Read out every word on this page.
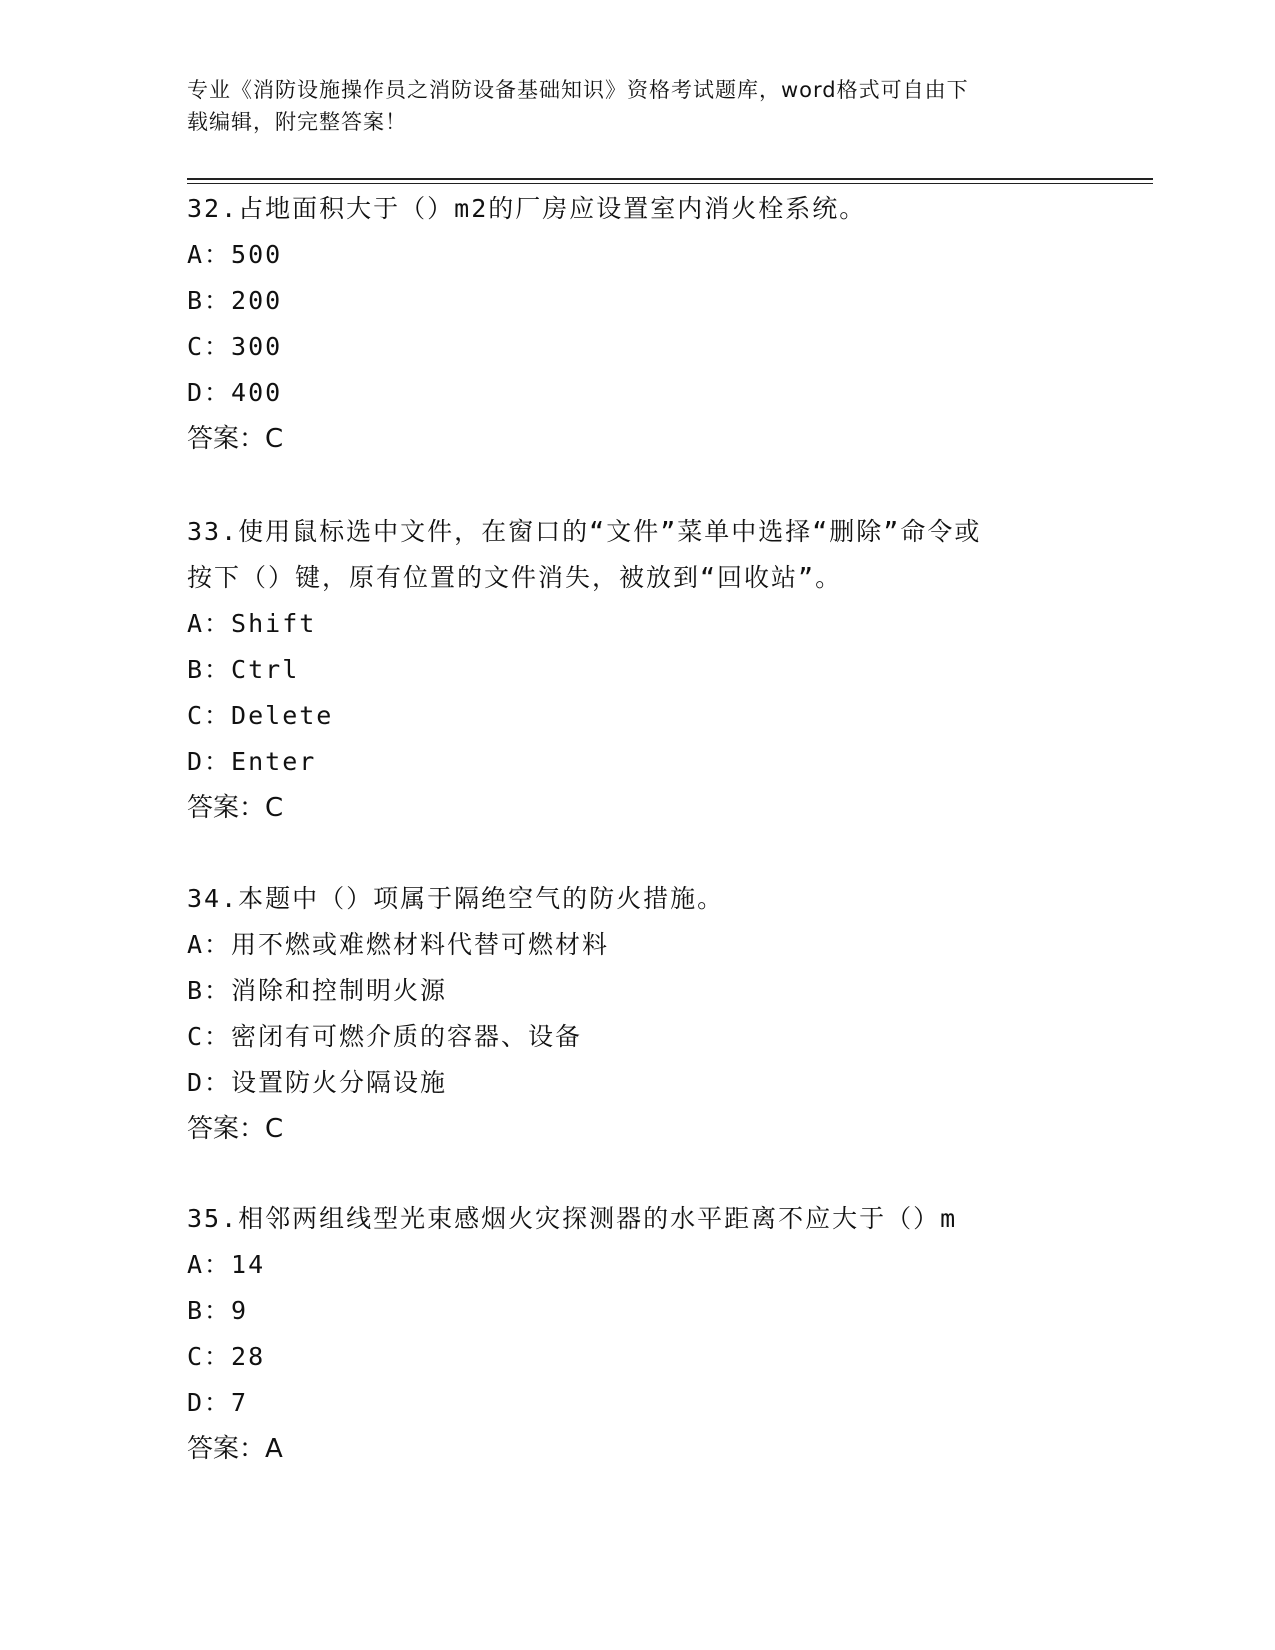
专业《消防设施操作员之消防设备基础知识》资格考试题库，word格式可自由下
载编辑，附完整答案！

32.占地面积大于（）m2的厂房应设置室内消火栓系统。

A：500

B：200

C：300

D：400

答案：C

33.使用鼠标选中文件，在窗口的“文件”菜单中选择“删除”命令或

按下（）键，原有位置的文件消失，被放到“回收站”。

A：Shift

B：Ctrl

C：Delete

D：Enter

答案：C

34.本题中（）项属于隔绝空气的防火措施。

A：用不燃或难燃材料代替可燃材料

B：消除和控制明火源

C：密闭有可燃介质的容器、设备

D：设置防火分隔设施

答案：C

35.相邻两组线型光束感烟火灾探测器的水平距离不应大于（）m

A：14

B：9

C：28

D：7

答案：A
